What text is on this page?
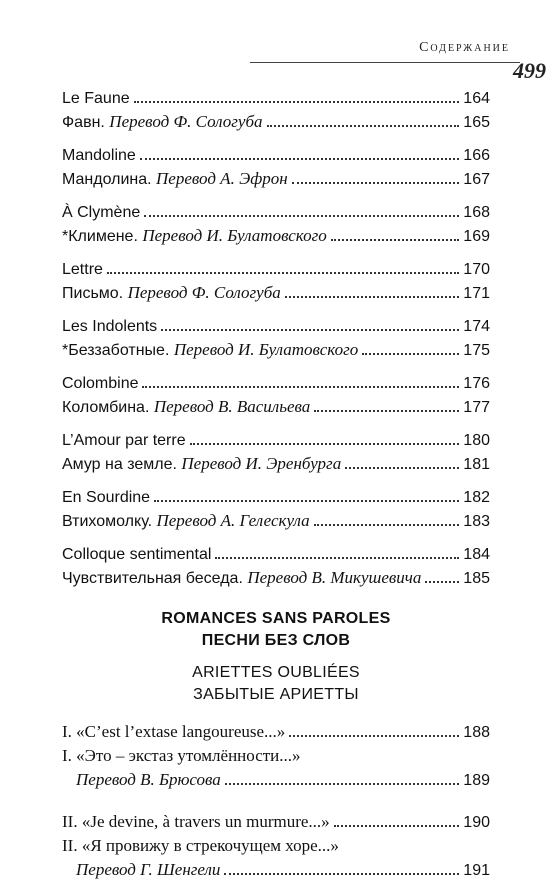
Содержание
499
Le Faune	164
Фавн. Перевод Ф. Сологуба	165
Mandoline	166
Мандолина. Перевод А. Эфрон	167
À Clymène	168
*Климене. Перевод И. Булатовского	169
Lettre	170
Письмо. Перевод Ф. Сологуба	171
Les Indolents	174
*Беззаботные. Перевод И. Булатовского	175
Colombine	176
Коломбина. Перевод В. Васильева	177
L’Amour par terre	180
Амур на земле. Перевод И. Эренбурга	181
En Sourdine	182
Втихомолку. Перевод А. Гелескула	183
Colloque sentimental	184
Чувствительная беседа. Перевод В. Микушевича	185
ROMANCES SANS PAROLES
ПЕСНИ БЕЗ СЛОВ
ARIETTES OUBLIÉES
ЗАБЫТЫЕ АРИЕТТЫ
I. «C’est l’extase langoureuse...»	188
I. «Это – экстаз утомлённости...»
Перевод В. Брюсова	189
II. «Je devine, à travers un murmure...»	190
II. «Я провижу в стрекочущем хоре...»
Перевод Г. Шенгели	191
